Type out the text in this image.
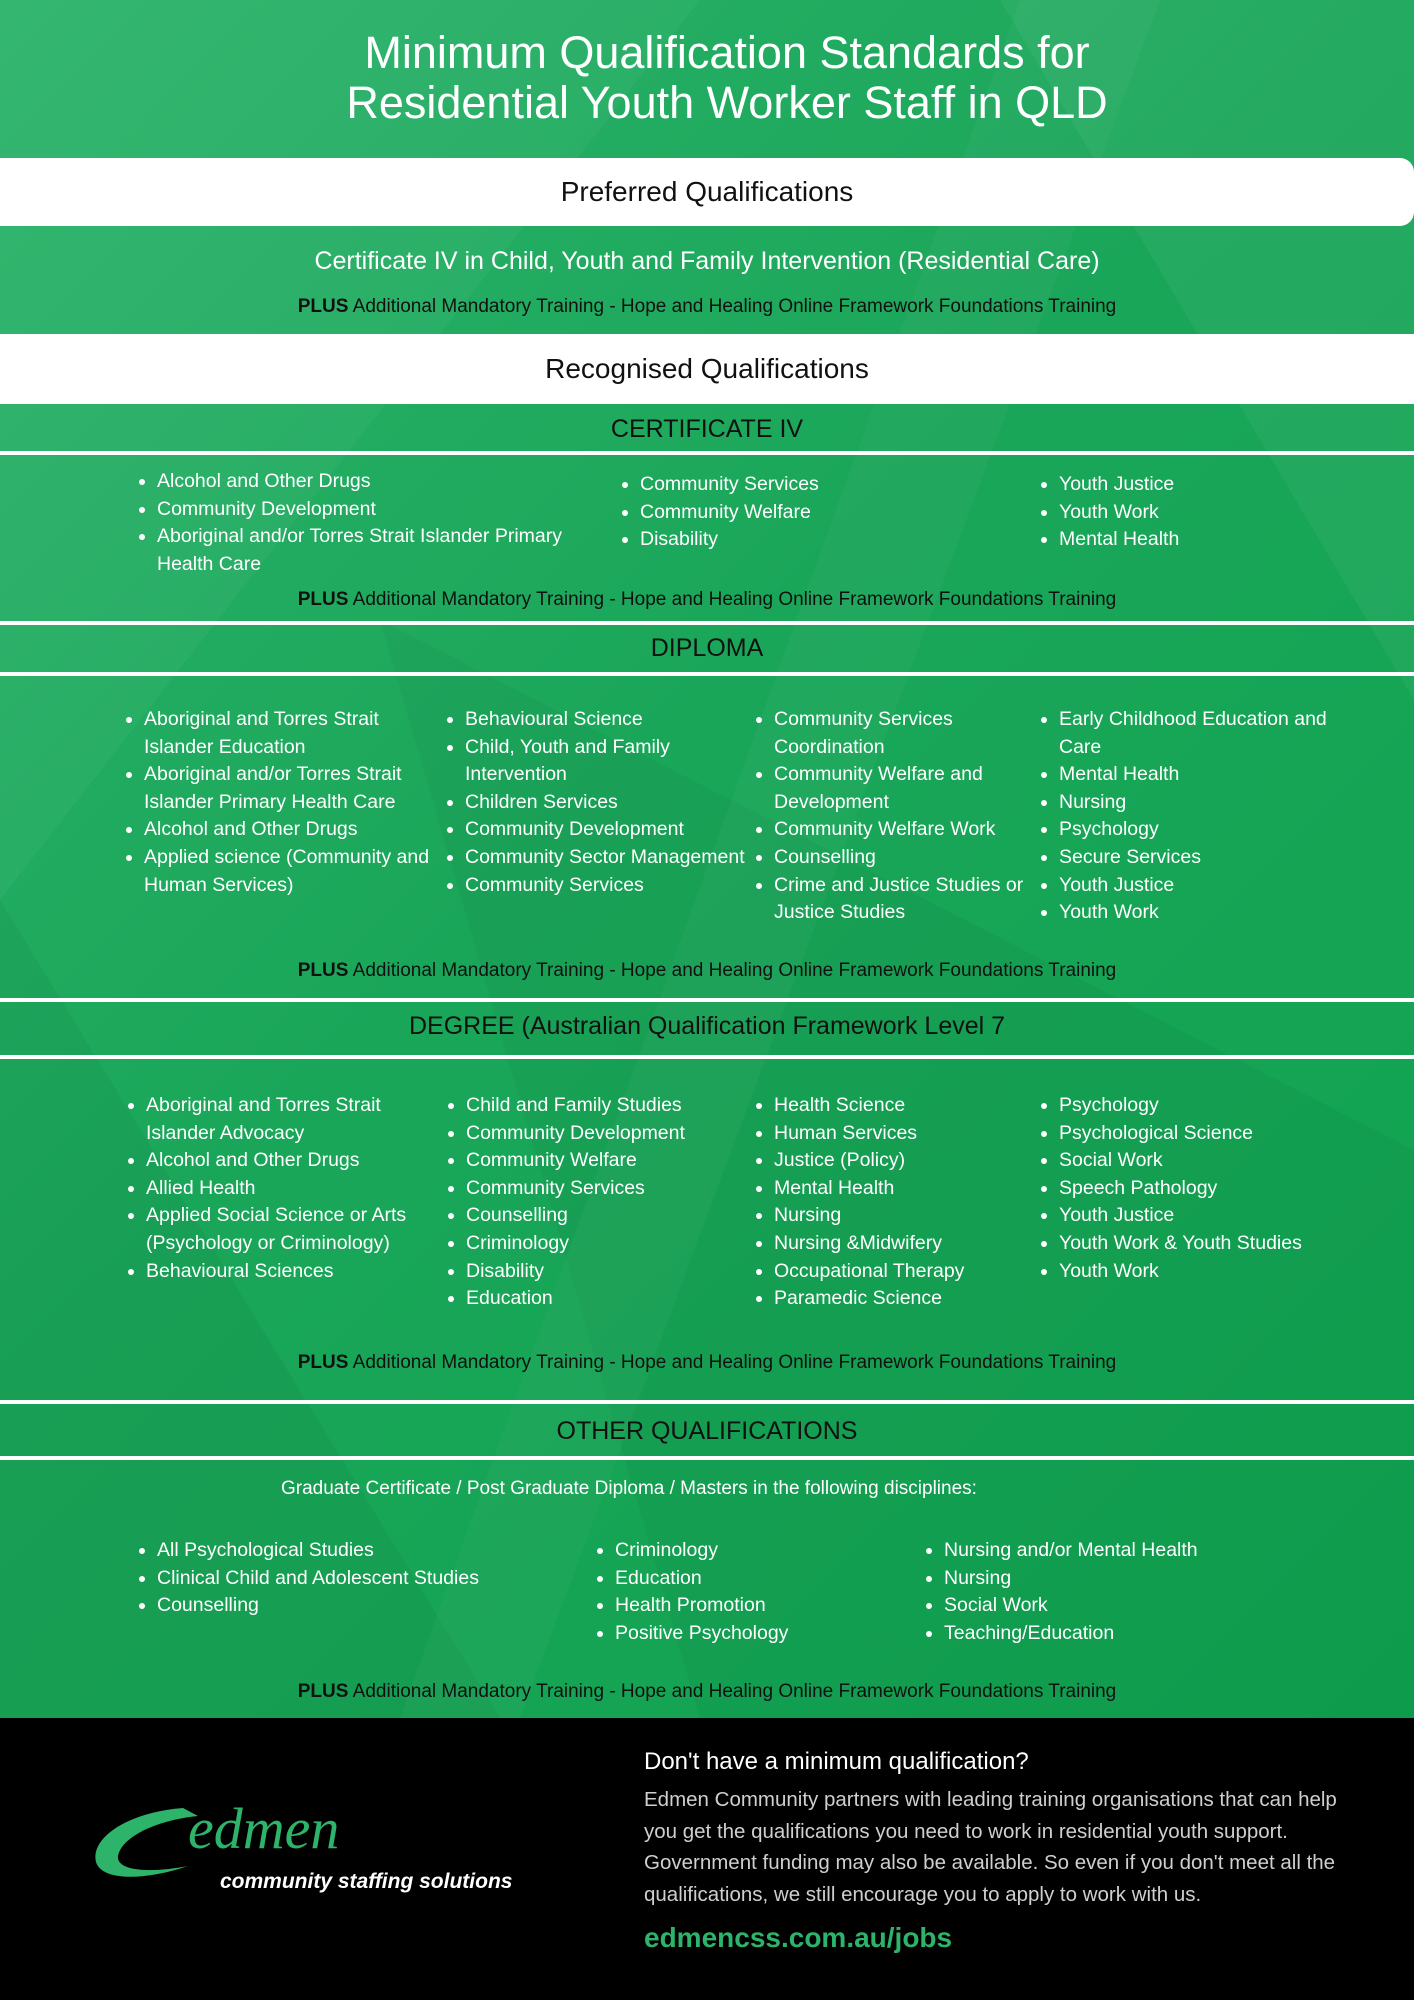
Minimum Qualification Standards for
Residential Youth Worker Staff in QLD
Preferred Qualifications
Certificate IV in Child, Youth and Family Intervention (Residential Care)
PLUS Additional Mandatory Training - Hope and Healing Online Framework Foundations Training
Recognised Qualifications
CERTIFICATE IV
• Alcohol and Other Drugs
• Community Development
• Aboriginal and/or Torres Strait Islander Primary Health Care
• Community Services
• Community Welfare
• Disability
• Youth Justice
• Youth Work
• Mental Health
PLUS Additional Mandatory Training - Hope and Healing Online Framework Foundations Training
DIPLOMA
• Aboriginal and Torres Strait Islander Education
• Aboriginal and/or Torres Strait Islander Primary Health Care
• Alcohol and Other Drugs
• Applied science (Community and Human Services)
• Behavioural Science
• Child, Youth and Family Intervention
• Children Services
• Community Development
• Community Sector Management
• Community Services
• Community Services Coordination
• Community Welfare and Development
• Community Welfare Work
• Counselling
• Crime and Justice Studies or Justice Studies
• Early Childhood Education and Care
• Mental Health
• Nursing
• Psychology
• Secure Services
• Youth Justice
• Youth Work
PLUS Additional Mandatory Training - Hope and Healing Online Framework Foundations Training
DEGREE (Australian Qualification Framework Level 7
• Aboriginal and Torres Strait Islander Advocacy
• Alcohol and Other Drugs
• Allied Health
• Applied Social Science or Arts (Psychology or Criminology)
• Behavioural Sciences
• Child and Family Studies
• Community Development
• Community Welfare
• Community Services
• Counselling
• Criminology
• Disability
• Education
• Health Science
• Human Services
• Justice (Policy)
• Mental Health
• Nursing
• Nursing &Midwifery
• Occupational Therapy
• Paramedic Science
• Psychology
• Psychological Science
• Social Work
• Speech Pathology
• Youth Justice
• Youth Work & Youth Studies
• Youth Work
PLUS Additional Mandatory Training - Hope and Healing Online Framework Foundations Training
OTHER QUALIFICATIONS
Graduate Certificate / Post Graduate Diploma / Masters in the following disciplines:
• All Psychological Studies
• Clinical Child and Adolescent Studies
• Counselling
• Criminology
• Education
• Health Promotion
• Positive Psychology
• Nursing and/or Mental Health
• Nursing
• Social Work
• Teaching/Education
PLUS Additional Mandatory Training - Hope and Healing Online Framework Foundations Training
edmen
community staffing solutions
Don't have a minimum qualification?
Edmen Community partners with leading training organisations that can help you get the qualifications you need to work in residential youth support. Government funding may also be available. So even if you don't meet all the qualifications, we still encourage you to apply to work with us.
edmencss.com.au/jobs
